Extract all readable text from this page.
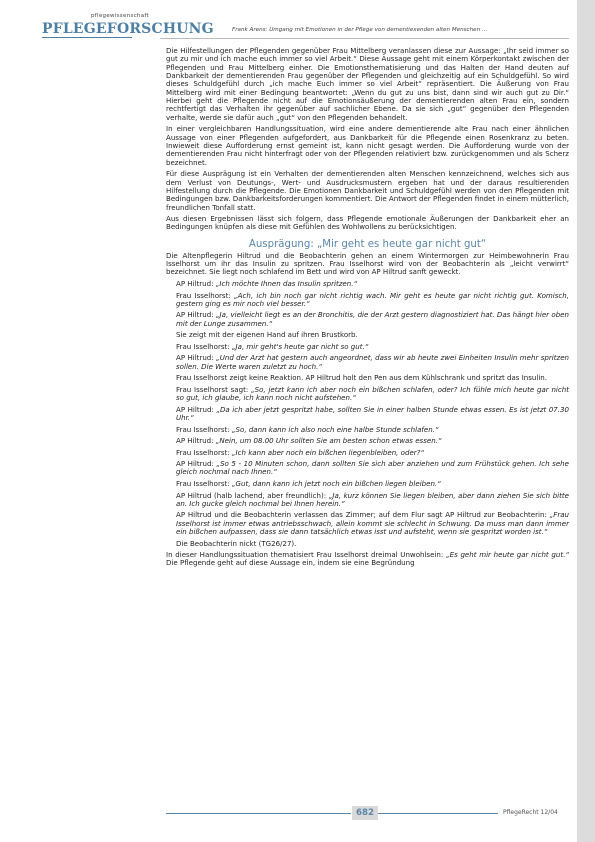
pflegewissenschaft
PFLEGEFORSCHUNG	Frank Arens: Umgang mit Emotionen in der Pflege von dementiexenden alten Menschen …

Die Hilfestellungen der Pflegenden gegenüber Frau Mittelberg veranlassen diese zur Aussage: „Ihr seid immer so gut zu mir und ich mache euch immer so viel Arbeit.“ Diese Aussage geht mit einem Körperkontakt zwischen der Pflegenden und Frau Mittelberg einher. Die Emotionsthematisierung und das Halten der Hand deuten auf Dankbarkeit der dementierenden Frau gegenüber der Pflegenden und gleichzeitig auf ein Schuldgefühl. So wird dieses Schuldgefühl durch „ich mache Euch immer so viel Arbeit“ repräsentiert. Die Äußerung von Frau Mittelberg wird mit einer Bedingung beantwortet: „Wenn du gut zu uns bist, dann sind wir auch gut zu Dir.“ Hierbei geht die Pflegende nicht auf die Emotionsäußerung der dementierenden alten Frau ein, sondern rechtfertigt das Verhalten ihr gegenüber auf sachlicher Ebene. Da sie sich „gut“ gegenüber den Pflegenden verhalte, werde sie dafür auch „gut“ von den Pflegenden behandelt.

In einer vergleichbaren Handlungssituation, wird eine andere dementierende alte Frau nach einer ähnlichen Aussage von einer Pflegenden aufgefordert, aus Dankbarkeit für die Pflegende einen Rosenkranz zu beten. Inwieweit diese Aufforderung ernst gemeint ist, kann nicht gesagt werden. Die Aufforderung wurde von der dementierenden Frau nicht hinterfragt oder von der Pflegenden relativiert bzw. zurückgenommen und als Scherz bezeichnet.

Für diese Ausprägung ist ein Verhalten der dementierenden alten Menschen kennzeichnend, welches sich aus dem Verlust von Deutungs-, Wert- und Ausdrucksmustern ergeben hat und der daraus resultierenden Hilfestellung durch die Pflegende. Die Emotionen Dankbarkeit und Schuldgefühl werden von den Pflegenden mit Bedingungen bzw. Dankbarkeitsforderungen kommentiert. Die Antwort der Pflegenden findet in einem mütterlich, freundlichen Tonfall statt.

Aus diesen Ergebnissen lässt sich folgern, dass Pflegende emotionale Äußerungen der Dankbarkeit eher an Bedingungen knüpfen als diese mit Gefühlen des Wohlwollens zu berücksichtigen.

Ausprägung: „Mir geht es heute gar nicht gut“

Die Altenpflegerin Hiltrud und die Beobachterin gehen an einem Wintermorgen zur Heimbewohnerin Frau Isselhorst um ihr das Insulin zu spritzen. Frau Isselhorst wird von der Beobachterin als „leicht verwirrt“ bezeichnet. Sie liegt noch schlafend im Bett und wird von AP Hiltrud sanft geweckt.

AP Hiltrud: „Ich möchte Ihnen das Insulin spritzen.“

Frau Isselhorst: „Ach, ich bin noch gar nicht richtig wach. Mir geht es heute gar nicht richtig gut. Komisch, gestern ging es mir noch viel besser.“

AP Hiltrud: „Ja, vielleicht liegt es an der Bronchitis, die der Arzt gestern diagnostiziert hat. Das hängt hier oben mit der Lunge zusammen.“

Sie zeigt mit der eigenen Hand auf ihren Brustkorb.

Frau Isselhorst: „Ja, mir geht's heute gar nicht so gut.“

AP Hiltrud: „Und der Arzt hat gestern auch angeordnet, dass wir ab heute zwei Einheiten Insulin mehr spritzen sollen. Die Werte waren zuletzt zu hoch.“

Frau Isselhorst zeigt keine Reaktion. AP Hiltrud holt den Pen aus dem Kühlschrank und spritzt das Insulin.

Frau Isselhorst sagt: „So, jetzt kann ich aber noch ein bißchen schlafen, oder? Ich fühle mich heute gar nicht so gut, ich glaube, ich kann noch nicht aufstehen.“

AP Hiltrud: „Da ich aber jetzt gespritzt habe, sollten Sie in einer halben Stunde etwas essen. Es ist jetzt 07.30 Uhr.“

Frau Isselhorst: „So, dann kann ich also noch eine halbe Stunde schlafen.“

AP Hiltrud: „Nein, um 08.00 Uhr sollten Sie am besten schon etwas essen.“

Frau Isselhorst: „Ich kann aber noch ein bißchen liegenbleiben, oder?“

AP Hiltrud: „So 5 - 10 Minuten schon, dann sollten Sie sich aber anziehen und zum Frühstück gehen. Ich sehe gleich nochmal nach Ihnen.“

Frau Isselhorst: „Gut, dann kann ich jetzt noch ein bißchen liegen bleiben.“

AP Hiltrud (halb lachend, aber freundlich): „Ja, kurz können Sie liegen bleiben, aber dann ziehen Sie sich bitte an. Ich gucke gleich nochmal bei Ihnen herein.“

AP Hiltrud und die Beobachterin verlassen das Zimmer; auf dem Flur sagt AP Hiltrud zur Beobachterin: „Frau Isselhorst ist immer etwas antriebsschwach, allein kommt sie schlecht in Schwung. Da muss man dann immer ein bißchen aufpassen, dass sie dann tatsächlich etwas isst und aufsteht, wenn sie gespritzt worden ist.“

Die Beobachterin nickt (TG26/27).

In dieser Handlungssituation thematisiert Frau Isselhorst dreimal Unwohlsein: „Es geht mir heute gar nicht gut.“ Die Pflegende geht auf diese Aussage ein, indem sie eine Begründung

682	PflegeRecht 12/04
